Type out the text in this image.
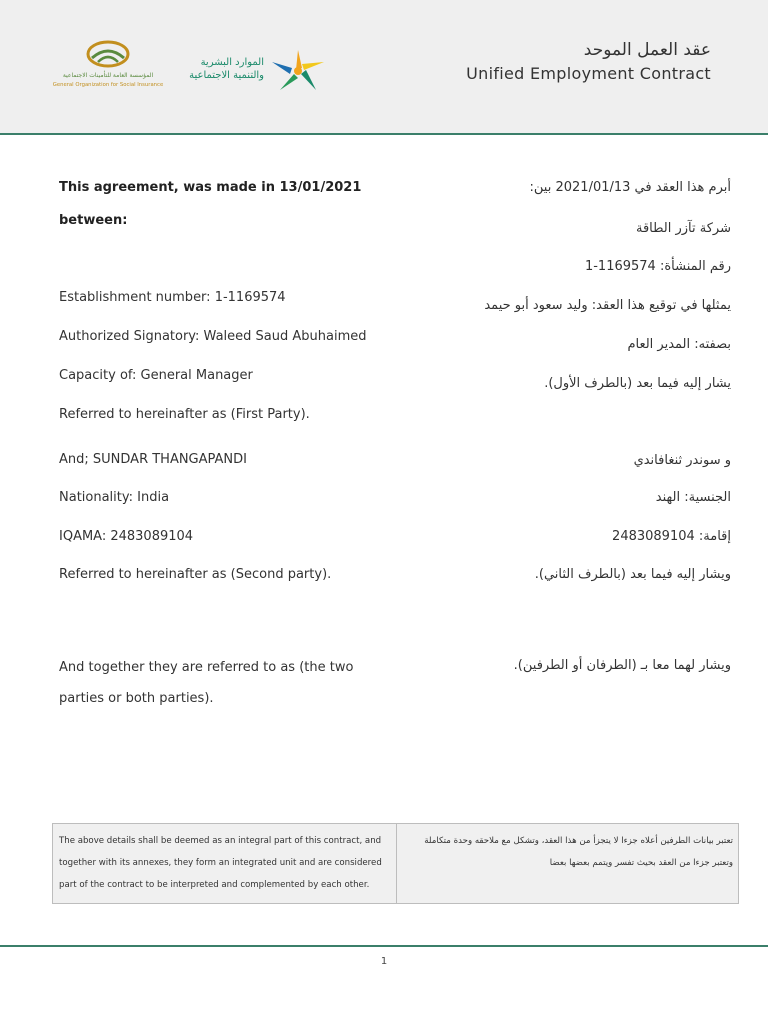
المؤسسة العامة للتأمينات الاجتماعية
General Organization for Social Insurance
الموارد البشرية
والتنمية الاجتماعية
عقد العمل الموحد
Unified Employment Contract
This agreement, was made in 13/01/2021
between:
Establishment number: 1-1169574
Authorized Signatory: Waleed Saud Abuhaimed
Capacity of: General Manager
Referred to hereinafter as (First Party).
And; SUNDAR THANGAPANDI
Nationality: India
IQAMA: 2483089104
Referred to hereinafter as (Second party).
And together they are referred to as (the two parties or both parties).
أبرم هذا العقد في 2021/01/13 بين:
شركة تآزر الطاقة
رقم المنشأة: 1169574-1
يمثلها في توقيع هذا العقد: وليد سعود أبو حيمد
بصفته: المدير العام
يشار إليه فيما بعد (بالطرف الأول).
و سوندر ثنغافاندي
الجنسية: الهند
إقامة: 2483089104
ويشار إليه فيما بعد (بالطرف الثاني).
ويشار لهما معا بـ (الطرفان أو الطرفين).
The above details shall be deemed as an integral part of this contract, and together with its annexes, they form an integrated unit and are considered part of the contract to be interpreted and complemented by each other.
تعتبر بيانات الطرفين أعلاه جزءا لا يتجزأ من هذا العقد، وتشكل مع ملاحقه وحدة متكاملة وتعتبر جزءا من العقد بحيث تفسر ويتمم بعضها بعضا
1
